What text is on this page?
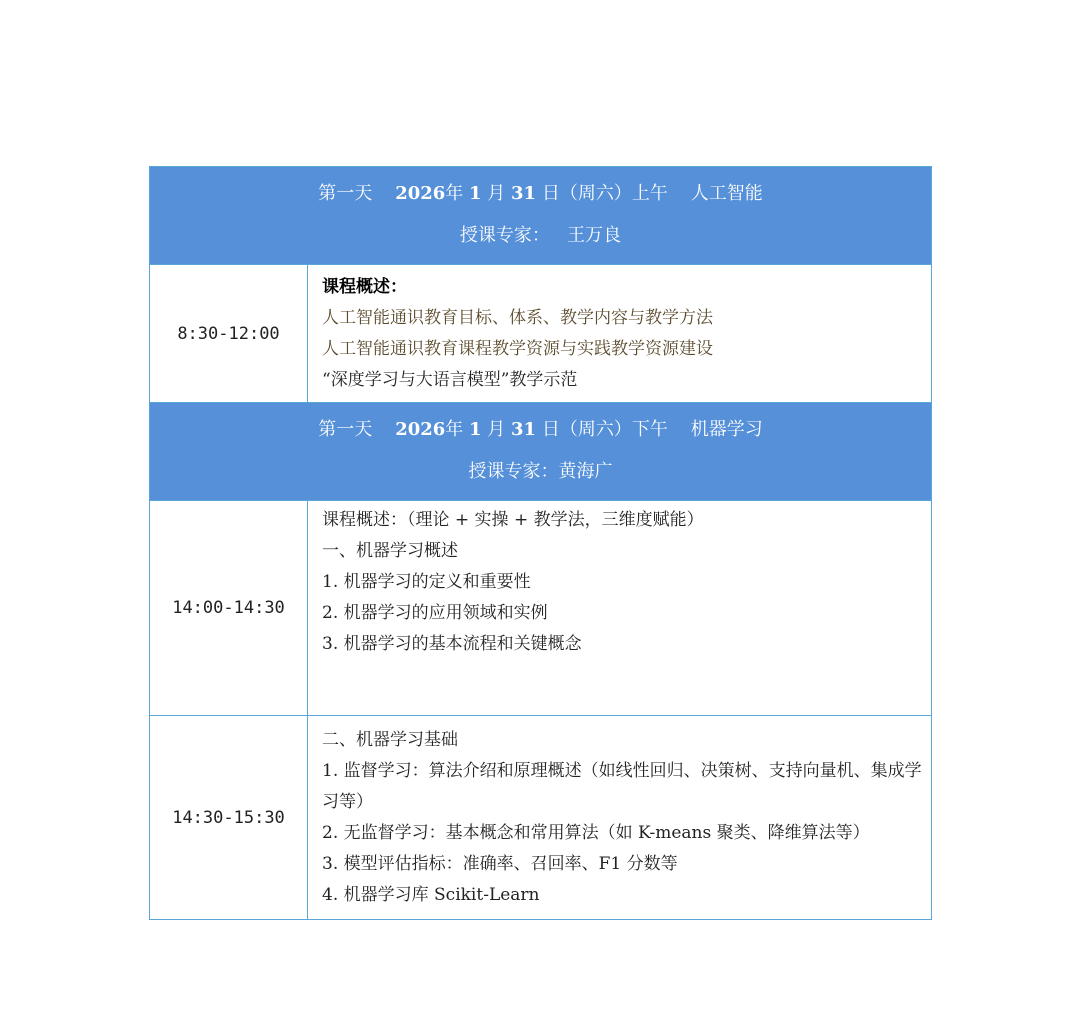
第一天 2026年 1 月 31 日（周六）上午 人工智能
授课专家： 王万良	

8:30-12:00	课程概述：
人工智能通识教育目标、体系、教学内容与教学方法
人工智能通识教育课程教学资源与实践教学资源建设
“深度学习与大语言模型”教学示范

第一天 2026年 1 月 31 日（周六）下午 机器学习
授课专家：黄海广	

14:00-14:30	课程概述：（理论 + 实操 + 教学法，三维度赋能）
一、机器学习概述
1. 机器学习的定义和重要性
2. 机器学习的应用领域和实例
3. 机器学习的基本流程和关键概念

14:30-15:30	二、机器学习基础
1. 监督学习：算法介绍和原理概述（如线性回归、决策树、支持向量机、集成学习等）
2. 无监督学习：基本概念和常用算法（如 K-means 聚类、降维算法等）
3. 模型评估指标：准确率、召回率、F1 分数等
4. 机器学习库 Scikit-Learn
